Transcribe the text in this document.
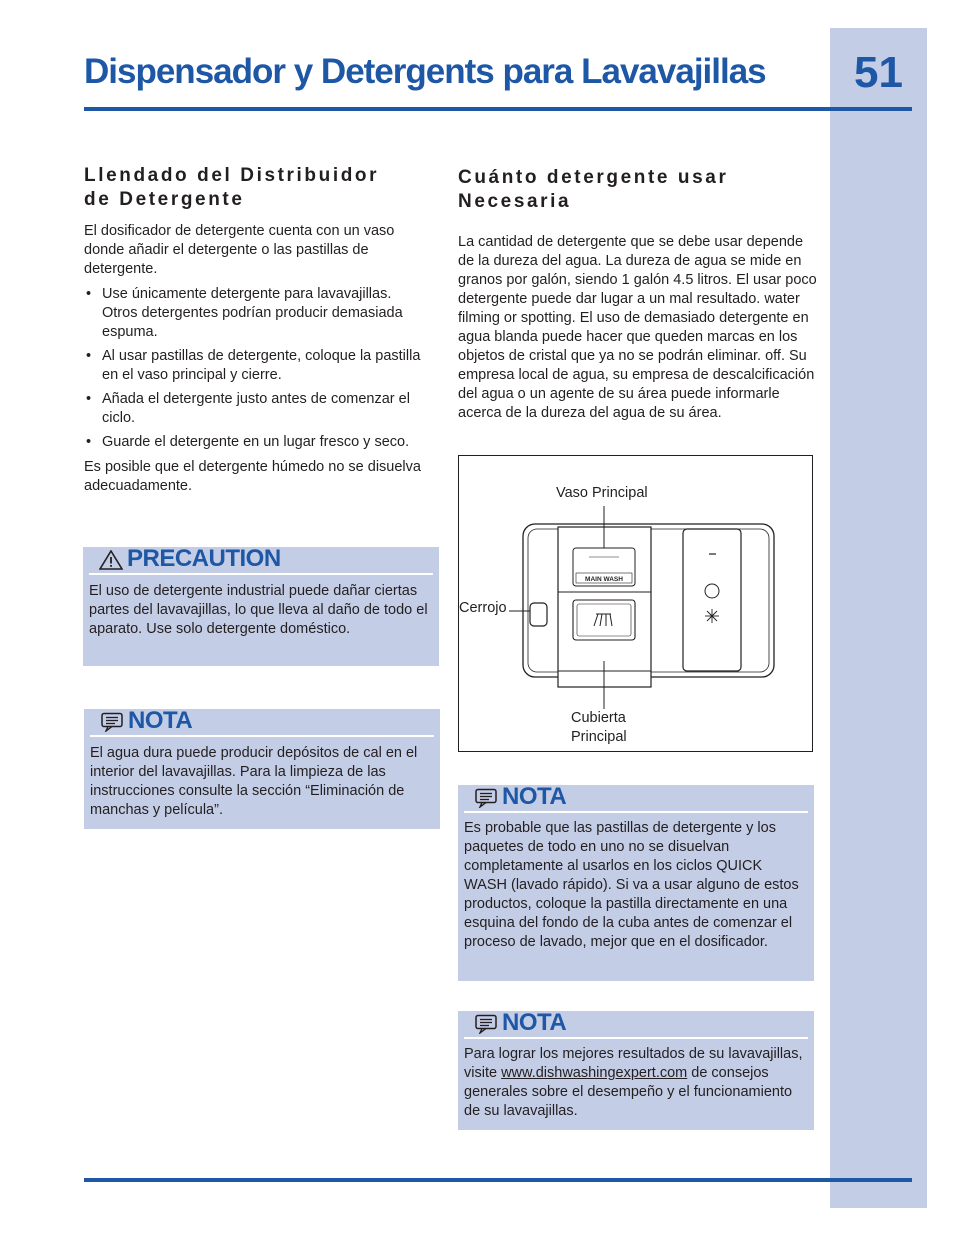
51
Dispensador y Detergents para Lavavajillas
Llendado del Distribuidor
de Detergente
El dosificador de detergente cuenta con un vaso donde añadir el detergente o las pastillas de detergente.
• Use únicamente detergente para lavavajillas. Otros detergentes podrían producir demasiada espuma.
• Al usar pastillas de detergente, coloque la pastilla en el vaso principal y cierre.
• Añada el detergente justo antes de comenzar el ciclo.
• Guarde el detergente en un lugar fresco y seco.
Es posible que el detergente húmedo no se disuelva adecuadamente.
PRECAUTION
El uso de detergente industrial puede dañar ciertas partes del lavavajillas, lo que lleva al daño de todo el aparato. Use solo detergente doméstico.
NOTA
El agua dura puede producir depósitos de cal en el interior del lavavajillas. Para la limpieza de las instrucciones consulte la sección “Eliminación de manchas y película”.
Cuánto detergente usar
Necesaria
La cantidad de detergente que se debe usar depende de la dureza del agua. La dureza de agua se mide en granos por galón, siendo 1 galón 4.5 litros. El usar poco detergente puede dar lugar a un mal resultado. water filming or spotting. El uso de demasiado detergente en agua blanda puede hacer que queden marcas en los objetos de cristal que ya no se podrán eliminar. off. Su empresa local de agua, su empresa de descalcificación del agua o un agente de su área puede informarle acerca de la dureza del agua de su área.
Vaso Principal
Cerrojo
Cubierta
Principal
MAIN WASH
NOTA
Es probable que las pastillas de detergente y los paquetes de todo en uno no se disuelvan completamente al usarlos en los ciclos QUICK WASH (lavado rápido). Si va a usar alguno de estos productos, coloque la pastilla directamente en una esquina del fondo de la cuba antes de comenzar el proceso de lavado, mejor que en el dosificador.
NOTA
Para lograr los mejores resultados de su lavavajillas, visite www.dishwashingexpert.com de consejos generales sobre el desempeño y el funcionamiento de su lavavajillas.
